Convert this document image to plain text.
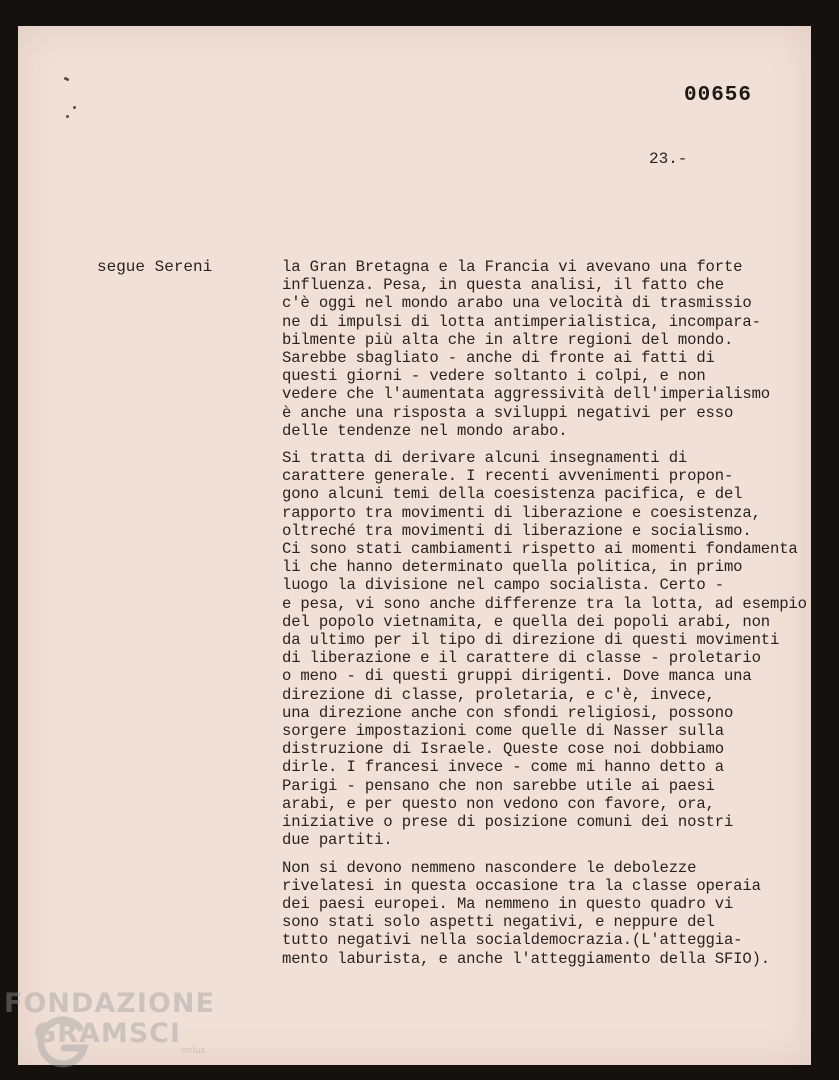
00656
23.-
segue Sereni	la Gran Bretagna e la Francia vi avevano una forte
influenza. Pesa, in questa analisi, il fatto che
c'è oggi nel mondo arabo una velocità di trasmissio
ne di impulsi di lotta antimperialistica, incompara-
bilmente più alta che in altre regioni del mondo.
Sarebbe sbagliato - anche di fronte ai fatti di
questi giorni - vedere soltanto i colpi, e non
vedere che l'aumentata aggressività dell'imperialismo
è anche una risposta a sviluppi negativi per esso
delle tendenze nel mondo arabo.
Si tratta di derivare alcuni insegnamenti di
carattere generale. I recenti avvenimenti propon-
gono alcuni temi della coesistenza pacifica, e del
rapporto tra movimenti di liberazione e coesistenza,
oltreché tra movimenti di liberazione e socialismo.
Ci sono stati cambiamenti rispetto ai momenti fondamenta
li che hanno determinato quella politica, in primo
luogo la divisione nel campo socialista. Certo -
e pesa, vi sono anche differenze tra la lotta, ad esempio
del popolo vietnamita, e quella dei popoli arabi, non
da ultimo per il tipo di direzione di questi movimenti
di liberazione e il carattere di classe - proletario
o meno - di questi gruppi dirigenti. Dove manca una
direzione di classe, proletaria, e c'è, invece,
una direzione anche con sfondi religiosi, possono
sorgere impostazioni come quelle di Nasser sulla
distruzione di Israele. Queste cose noi dobbiamo
dirle. I francesi invece - come mi hanno detto a
Parigi - pensano che non sarebbe utile ai paesi
arabi, e per questo non vedono con favore, ora,
iniziative o prese di posizione comuni dei nostri
due partiti.
Non si devono nemmeno nascondere le debolezze
rivelatesi in questa occasione tra la classe operaia
dei paesi europei. Ma nemmeno in questo quadro vi
sono stati solo aspetti negativi, e neppure del
tutto negativi nella socialdemocrazia.(L'atteggia-
mento laburista, e anche l'atteggiamento della SFIO).
FONDAZIONE
GRAMSCI
onlus
